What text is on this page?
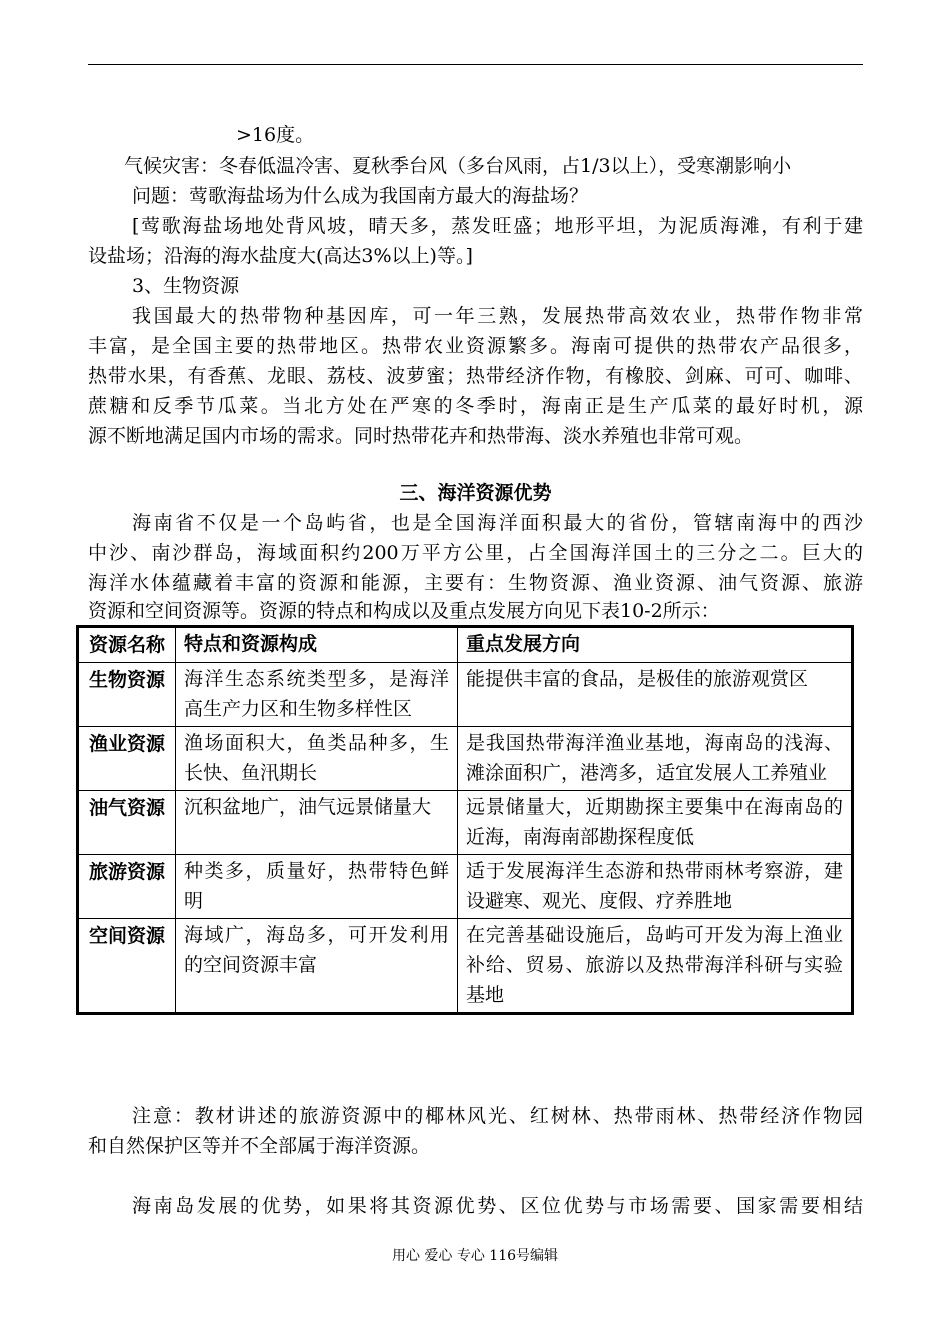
>16度。
气候灾害：冬春低温冷害、夏秋季台风（多台风雨，占1/3以上），受寒潮影响小
问题：莺歌海盐场为什么成为我国南方最大的海盐场？
[莺歌海盐场地处背风坡，晴天多，蒸发旺盛；地形平坦，为泥质海滩，有利于建
设盐场；沿海的海水盐度大(高达3%以上)等。]
3、生物资源
我国最大的热带物种基因库，可一年三熟，发展热带高效农业，热带作物非常
丰富，是全国主要的热带地区。热带农业资源繁多。海南可提供的热带农产品很多，
热带水果，有香蕉、龙眼、荔枝、波萝蜜；热带经济作物，有橡胶、剑麻、可可、咖啡、
蔗糖和反季节瓜菜。当北方处在严寒的冬季时，海南正是生产瓜菜的最好时机，源
源不断地满足国内市场的需求。同时热带花卉和热带海、淡水养殖也非常可观。
三、海洋资源优势
海南省不仅是一个岛屿省，也是全国海洋面积最大的省份，管辖南海中的西沙
中沙、南沙群岛，海域面积约200万平方公里，占全国海洋国土的三分之二。巨大的
海洋水体蕴藏着丰富的资源和能源，主要有：生物资源、渔业资源、油气资源、旅游
资源和空间资源等。资源的特点和构成以及重点发展方向见下表10-2所示：
资源名称	特点和资源构成	重点发展方向
生物资源	海洋生态系统类型多，是海洋高生产力区和生物多样性区	能提供丰富的食品，是极佳的旅游观赏区
渔业资源	渔场面积大，鱼类品种多，生长快、鱼汛期长	是我国热带海洋渔业基地，海南岛的浅海、滩涂面积广，港湾多，适宜发展人工养殖业
油气资源	沉积盆地广，油气远景储量大	远景储量大，近期勘探主要集中在海南岛的近海，南海南部勘探程度低
旅游资源	种类多，质量好，热带特色鲜明	适于发展海洋生态游和热带雨林考察游，建设避寒、观光、度假、疗养胜地
空间资源	海域广，海岛多，可开发利用的空间资源丰富	在完善基础设施后，岛屿可开发为海上渔业补给、贸易、旅游以及热带海洋科研与实验基地
注意：教材讲述的旅游资源中的椰林风光、红树林、热带雨林、热带经济作物园
和自然保护区等并不全部属于海洋资源。
海南岛发展的优势，如果将其资源优势、区位优势与市场需要、国家需要相结
用心 爱心 专心 116号编辑
